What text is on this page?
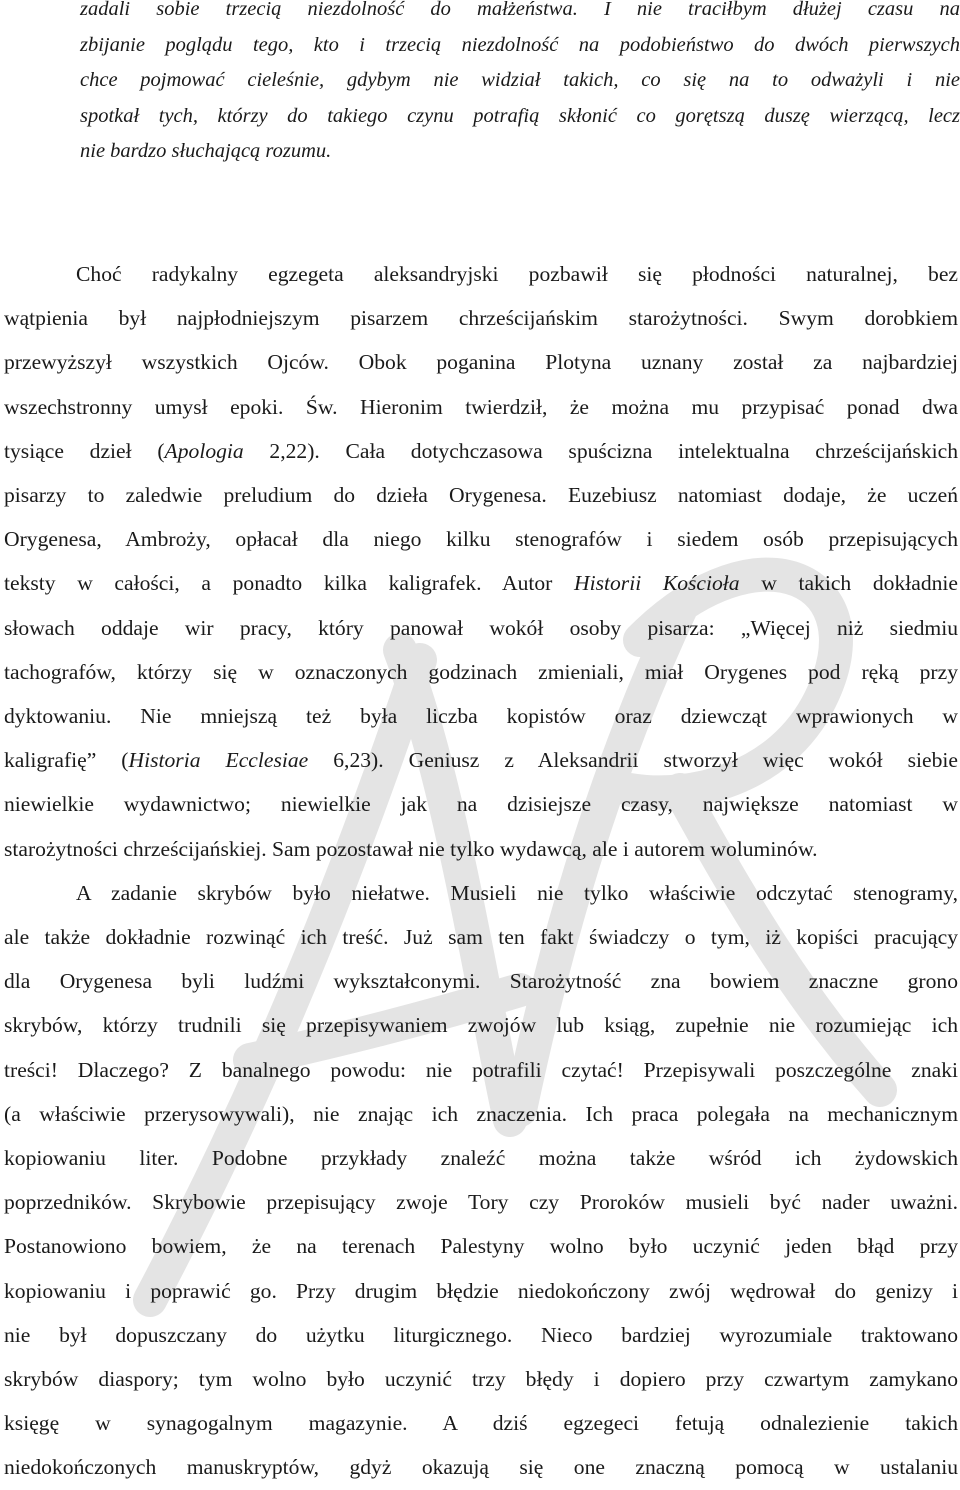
zadali sobie trzecią niezdolność do małżeństwa. I nie traciłbym dłużej czasu na
zbijanie poglądu tego, kto i trzecią niezdolność na podobieństwo do dwóch pierwszych
chce pojmować cieleśnie, gdybym nie widział takich, co się na to odważyli i nie
spotkał tych, którzy do takiego czynu potrafią skłonić co gorętszą duszę wierzącą, lecz
nie bardzo słuchającą rozumu.
Choć radykalny egzegeta aleksandryjski pozbawił się płodności naturalnej, bez
wątpienia był najpłodniejszym pisarzem chrześcijańskim starożytności. Swym dorobkiem
przewyższył wszystkich Ojców. Obok poganina Plotyna uznany został za najbardziej
wszechstronny umysł epoki. Św. Hieronim twierdził, że można mu przypisać ponad dwa
tysiące dzieł (Apologia 2,22). Cała dotychczasowa spuścizna intelektualna chrześcijańskich
pisarzy to zaledwie preludium do dzieła Orygenesa. Euzebiusz natomiast dodaje, że uczeń
Orygenesa, Ambroży, opłacał dla niego kilku stenografów i siedem osób przepisujących
teksty w całości, a ponadto kilka kaligrafek. Autor Historii Kościoła w takich dokładnie
słowach oddaje wir pracy, który panował wokół osoby pisarza: „Więcej niż siedmiu
tachografów, którzy się w oznaczonych godzinach zmieniali, miał Orygenes pod ręką przy
dyktowaniu. Nie mniejszą też była liczba kopistów oraz dziewcząt wprawionych w
kaligrafię” (Historia Ecclesiae 6,23). Geniusz z Aleksandrii stworzył więc wokół siebie
niewielkie wydawnictwo; niewielkie jak na dzisiejsze czasy, największe natomiast w
starożytności chrześcijańskiej. Sam pozostawał nie tylko wydawcą, ale i autorem woluminów.
A zadanie skrybów było niełatwe. Musieli nie tylko właściwie odczytać stenogramy,
ale także dokładnie rozwinąć ich treść. Już sam ten fakt świadczy o tym, iż kopiści pracujący
dla Orygenesa byli ludźmi wykształconymi. Starożytność zna bowiem znaczne grono
skrybów, którzy trudnili się przepisywaniem zwojów lub ksiąg, zupełnie nie rozumiejąc ich
treści! Dlaczego? Z banalnego powodu: nie potrafili czytać! Przepisywali poszczególne znaki
(a właściwie przerysowywali), nie znając ich znaczenia. Ich praca polegała na mechanicznym
kopiowaniu liter. Podobne przykłady znaleźć można także wśród ich żydowskich
poprzedników. Skrybowie przepisujący zwoje Tory czy Proroków musieli być nader uważni.
Postanowiono bowiem, że na terenach Palestyny wolno było uczynić jeden błąd przy
kopiowaniu i poprawić go. Przy drugim błędzie niedokończony zwój wędrował do genizy i
nie był dopuszczany do użytku liturgicznego. Nieco bardziej wyrozumiale traktowano
skrybów diaspory; tym wolno było uczynić trzy błędy i dopiero przy czwartym zamykano
księgę w synagogalnym magazynie. A dziś egzegeci fetują odnalezienie takich
niedokończonych manuskryptów, gdyż okazują się one znaczną pomocą w ustalaniu
